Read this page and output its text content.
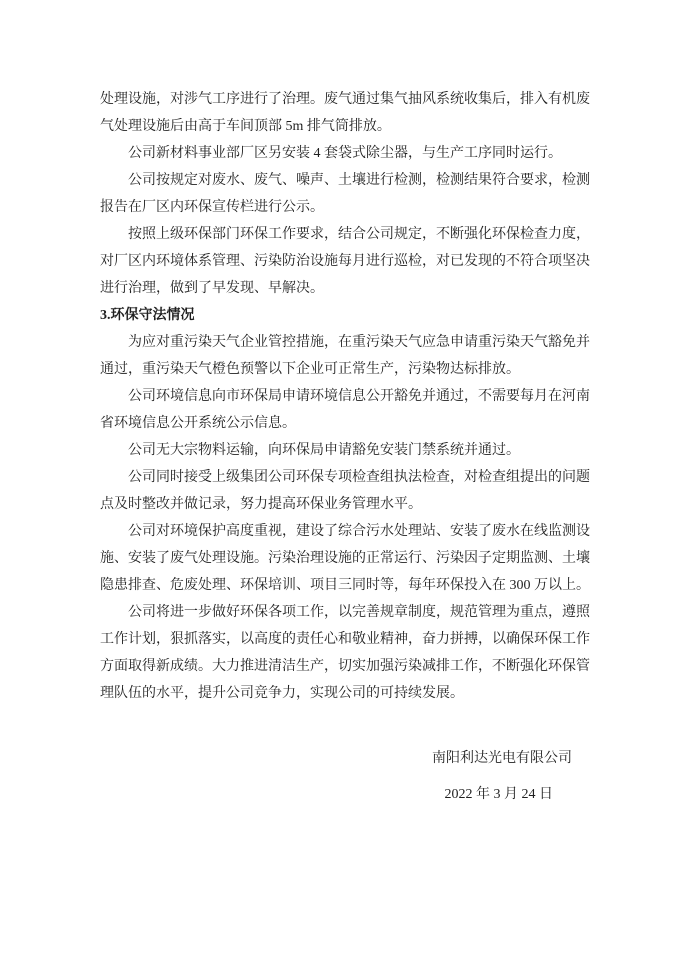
处理设施，对涉气工序进行了治理。废气通过集气抽风系统收集后，排入有机废气处理设施后由高于车间顶部 5m 排气筒排放。

公司新材料事业部厂区另安装 4 套袋式除尘器，与生产工序同时运行。

公司按规定对废水、废气、噪声、土壤进行检测，检测结果符合要求，检测报告在厂区内环保宣传栏进行公示。

按照上级环保部门环保工作要求，结合公司规定，不断强化环保检查力度，对厂区内环境体系管理、污染防治设施每月进行巡检，对已发现的不符合项坚决进行治理，做到了早发现、早解决。

3.环保守法情况

为应对重污染天气企业管控措施，在重污染天气应急申请重污染天气豁免并通过，重污染天气橙色预警以下企业可正常生产，污染物达标排放。

公司环境信息向市环保局申请环境信息公开豁免并通过，不需要每月在河南省环境信息公开系统公示信息。

公司无大宗物料运输，向环保局申请豁免安装门禁系统并通过。

公司同时接受上级集团公司环保专项检查组执法检查，对检查组提出的问题点及时整改并做记录，努力提高环保业务管理水平。

公司对环境保护高度重视，建设了综合污水处理站、安装了废水在线监测设施、安装了废气处理设施。污染治理设施的正常运行、污染因子定期监测、土壤隐患排查、危废处理、环保培训、项目三同时等，每年环保投入在 300 万以上。

公司将进一步做好环保各项工作，以完善规章制度，规范管理为重点，遵照工作计划，狠抓落实，以高度的责任心和敬业精神，奋力拼搏，以确保环保工作方面取得新成绩。大力推进清洁生产，切实加强污染减排工作，不断强化环保管理队伍的水平，提升公司竞争力，实现公司的可持续发展。

南阳利达光电有限公司
2022 年 3 月 24 日
